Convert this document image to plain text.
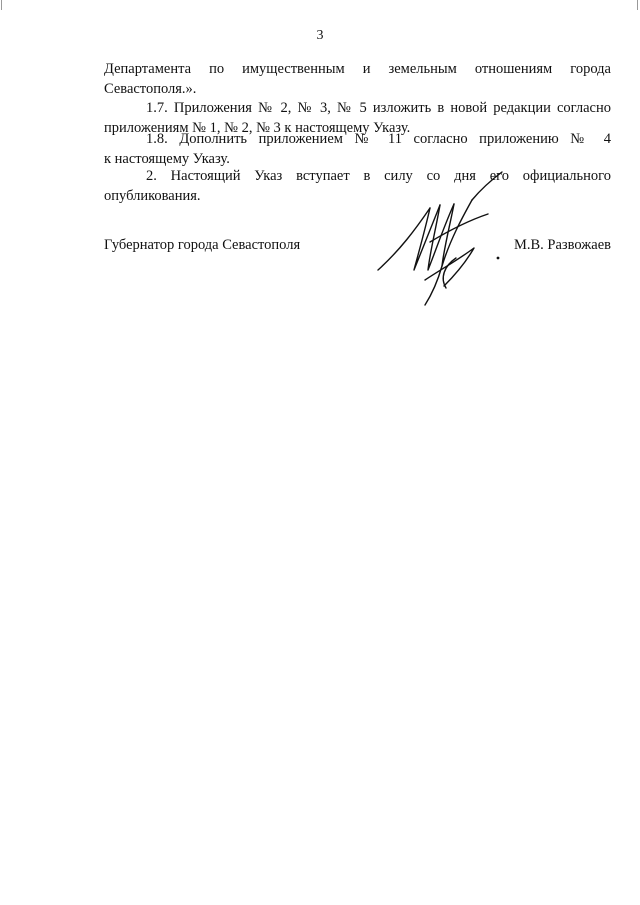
3
Департамента по имущественным и земельным отношениям города
Севастополя.».
1.7. Приложения № 2, № 3, № 5 изложить в новой редакции согласно
приложениям № 1, № 2, № 3 к настоящему Указу.
1.8. Дополнить приложением № 11 согласно приложению № 4
к настоящему Указу.
2. Настоящий Указ вступает в силу со дня его официального
опубликования.
Губернатор города Севастополя	М.В. Развожаев
